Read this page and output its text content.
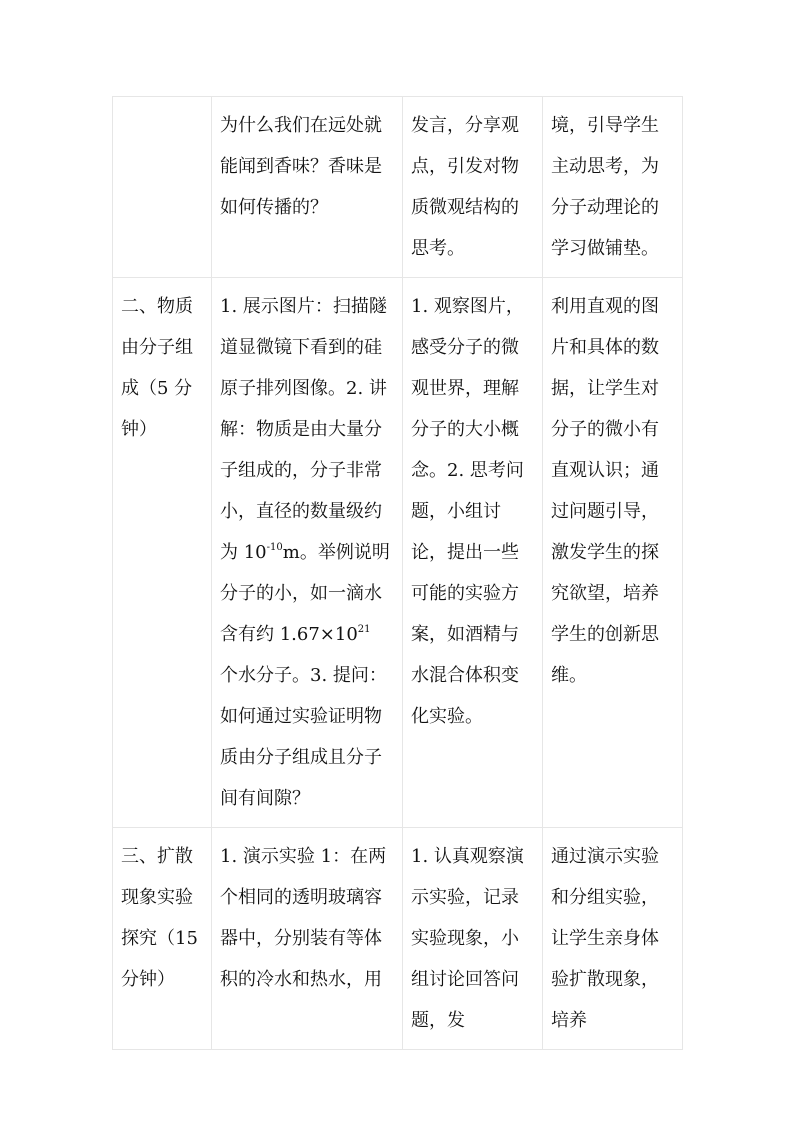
	为什么我们在远处就能闻到香味？香味是如何传播的？	发言，分享观点，引发对物质微观结构的思考。	境，引导学生主动思考，为分子动理论的学习做铺垫。

二、物质由分子组成（5 分钟）	1. 展示图片：扫描隧道显微镜下看到的硅原子排列图像。2. 讲解：物质是由大量分子组成的，分子非常小，直径的数量级约为 $10^{-10}m$。举例说明分子的小，如一滴水含有约 $1.67\times 10^{21}$ 个水分子。3. 提问：如何通过实验证明物质由分子组成且分子间有间隙？	1. 观察图片，感受分子的微观世界，理解分子的大小概念。2. 思考问题，小组讨论，提出一些可能的实验方案，如酒精与水混合体积变化实验。	利用直观的图片和具体的数据，让学生对分子的微小有直观认识；通过问题引导，激发学生的探究欲望，培养学生的创新思维。

三、扩散现象实验探究（15 分钟）	1. 演示实验 1：在两个相同的透明玻璃容器中，分别装有等体积的冷水和热水，用	1. 认真观察演示实验，记录实验现象，小组讨论回答问题，发	通过演示实验和分组实验，让学生亲身体验扩散现象，培养
